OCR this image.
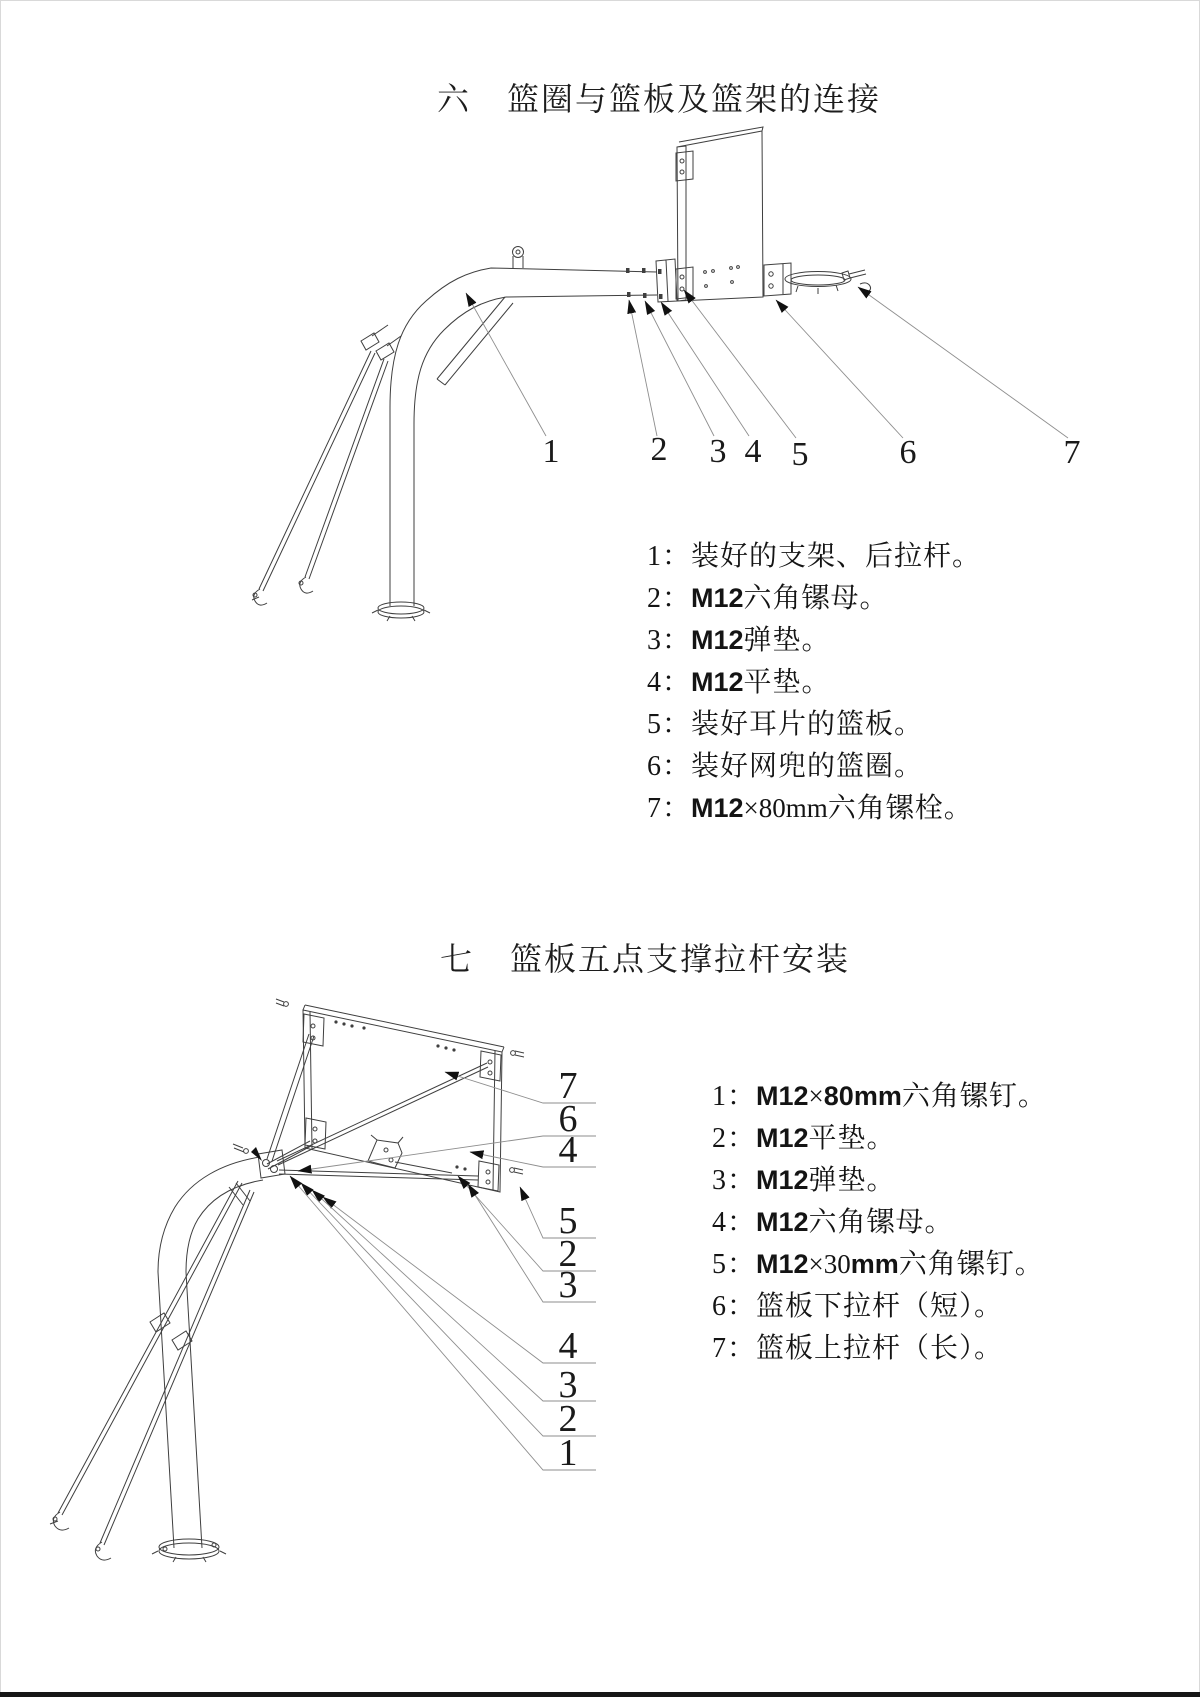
六 篮圈与篮板及篮架的连接
1	2 3 4 5	6	7
1：装好的支架、后拉杆。
2：M12六角镙母。
3：M12弹垫。
4：M12平垫。
5：装好耳片的篮板。
6：装好网兜的篮圈。
7：M12×80mm六角镙栓。
七 篮板五点支撑拉杆安装
7
6
4
5
2
3
4
3
2
1
1：M12×80mm六角镙钉。
2：M12平垫。
3：M12弹垫。
4：M12六角镙母。
5：M12×30mm六角镙钉。
6：篮板下拉杆（短）。
7：篮板上拉杆（长）。
